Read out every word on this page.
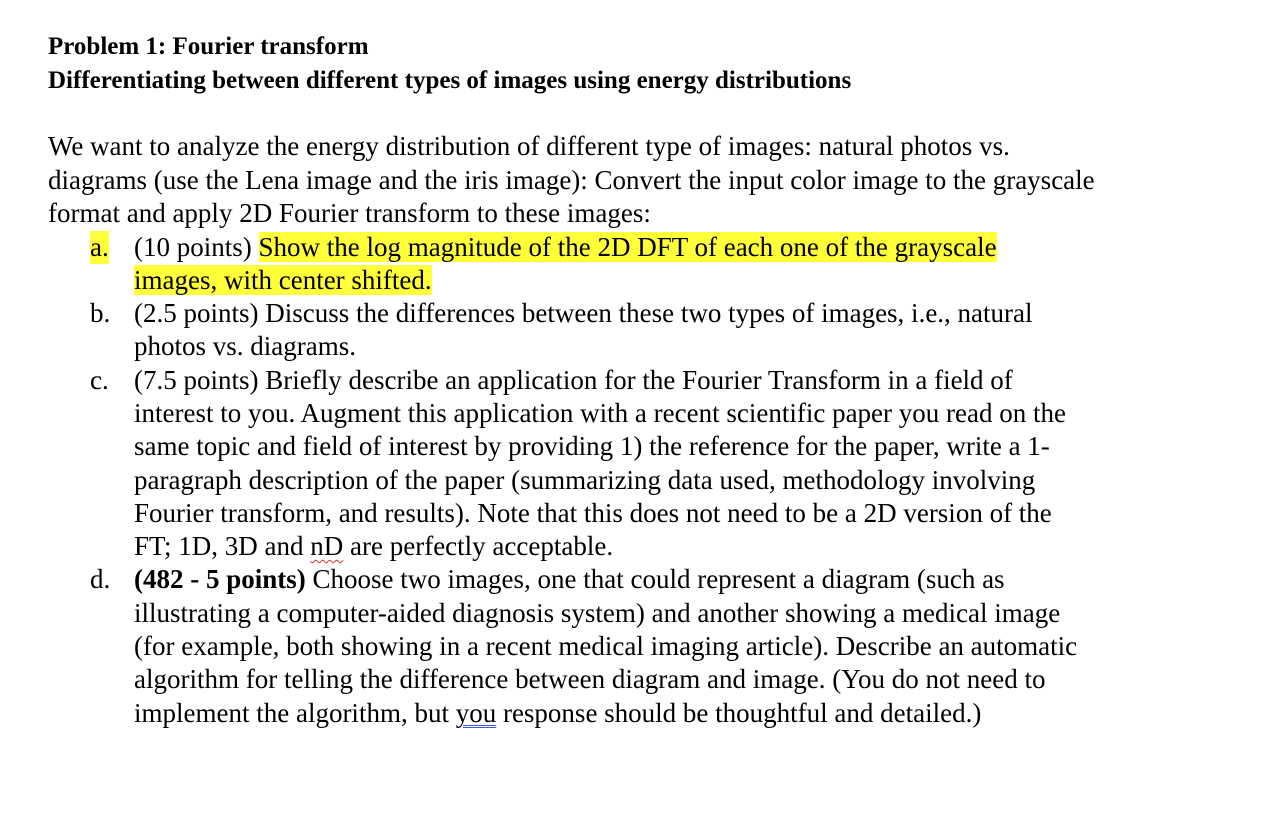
Problem 1: Fourier transform

Differentiating between different types of images using energy distributions

We want to analyze the energy distribution of different type of images: natural photos vs. diagrams (use the Lena image and the iris image): Convert the input color image to the grayscale format and apply 2D Fourier transform to these images:

a. (10 points) Show the log magnitude of the 2D DFT of each one of the grayscale images, with center shifted.
b. (2.5 points) Discuss the differences between these two types of images, i.e., natural photos vs. diagrams.
c. (7.5 points) Briefly describe an application for the Fourier Transform in a field of interest to you. Augment this application with a recent scientific paper you read on the same topic and field of interest by providing 1) the reference for the paper, write a 1-paragraph description of the paper (summarizing data used, methodology involving Fourier transform, and results). Note that this does not need to be a 2D version of the FT; 1D, 3D and nD are perfectly acceptable.
d. (482 - 5 points) Choose two images, one that could represent a diagram (such as illustrating a computer-aided diagnosis system) and another showing a medical image (for example, both showing in a recent medical imaging article). Describe an automatic algorithm for telling the difference between diagram and image. (You do not need to implement the algorithm, but you response should be thoughtful and detailed.)
